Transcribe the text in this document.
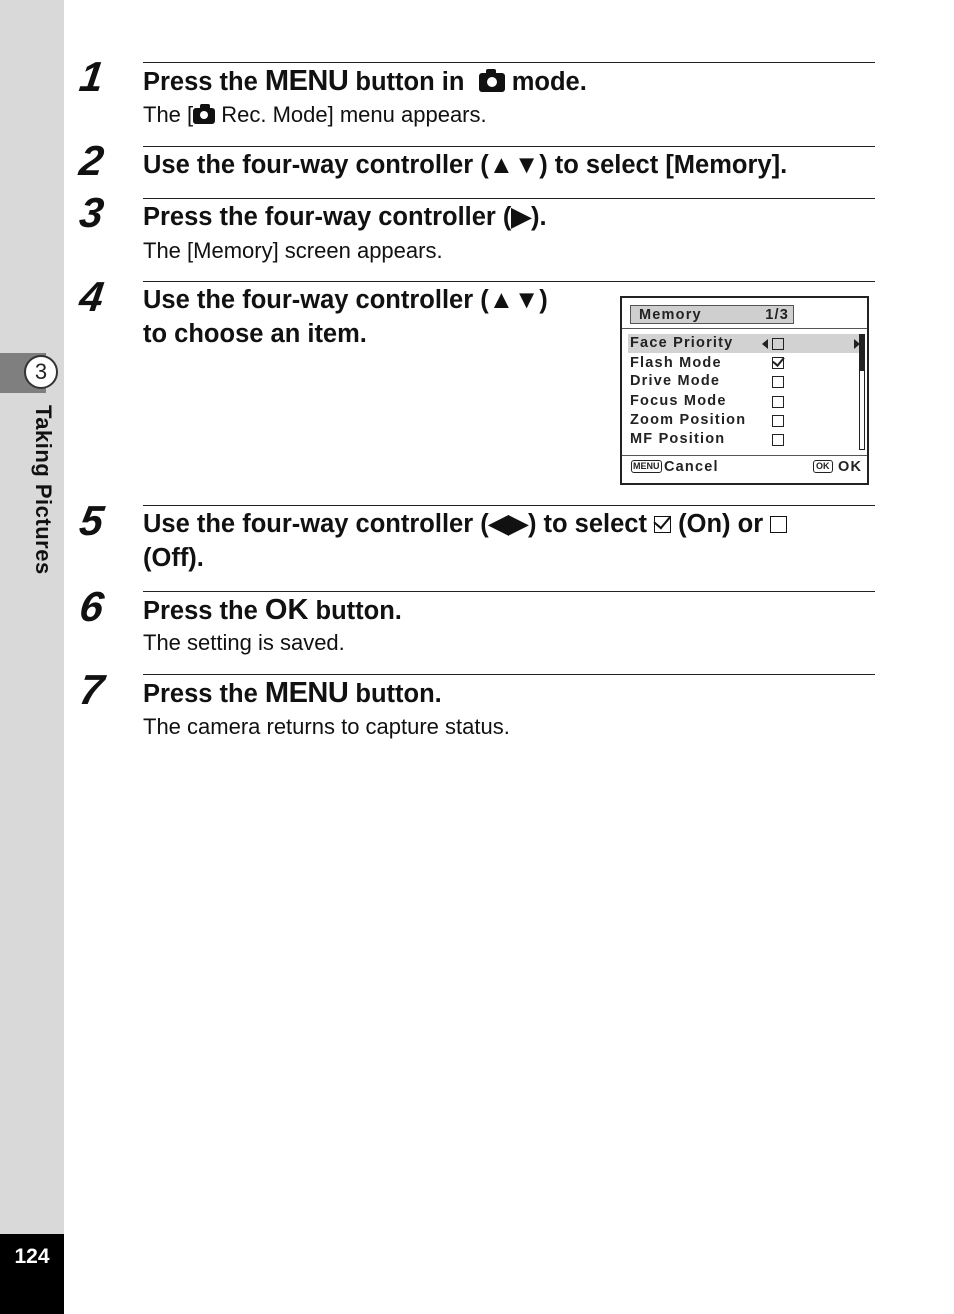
3
Taking Pictures
124
1 Press the MENU button in   mode.
The [ Rec. Mode] menu appears.
2 Use the four-way controller (▲▼) to select [Memory].
3 Press the four-way controller (▶).
The [Memory] screen appears.
4 Use the four-way controller (▲▼)
to choose an item.
Memory	1/3
Face Priority
Flash Mode
Drive Mode
Focus Mode
Zoom Position
MF Position
MENU Cancel	OK OK
5 Use the four-way controller (◀▶) to select  (On) or
(Off).
6 Press the OK button.
The setting is saved.
7 Press the MENU button.
The camera returns to capture status.
